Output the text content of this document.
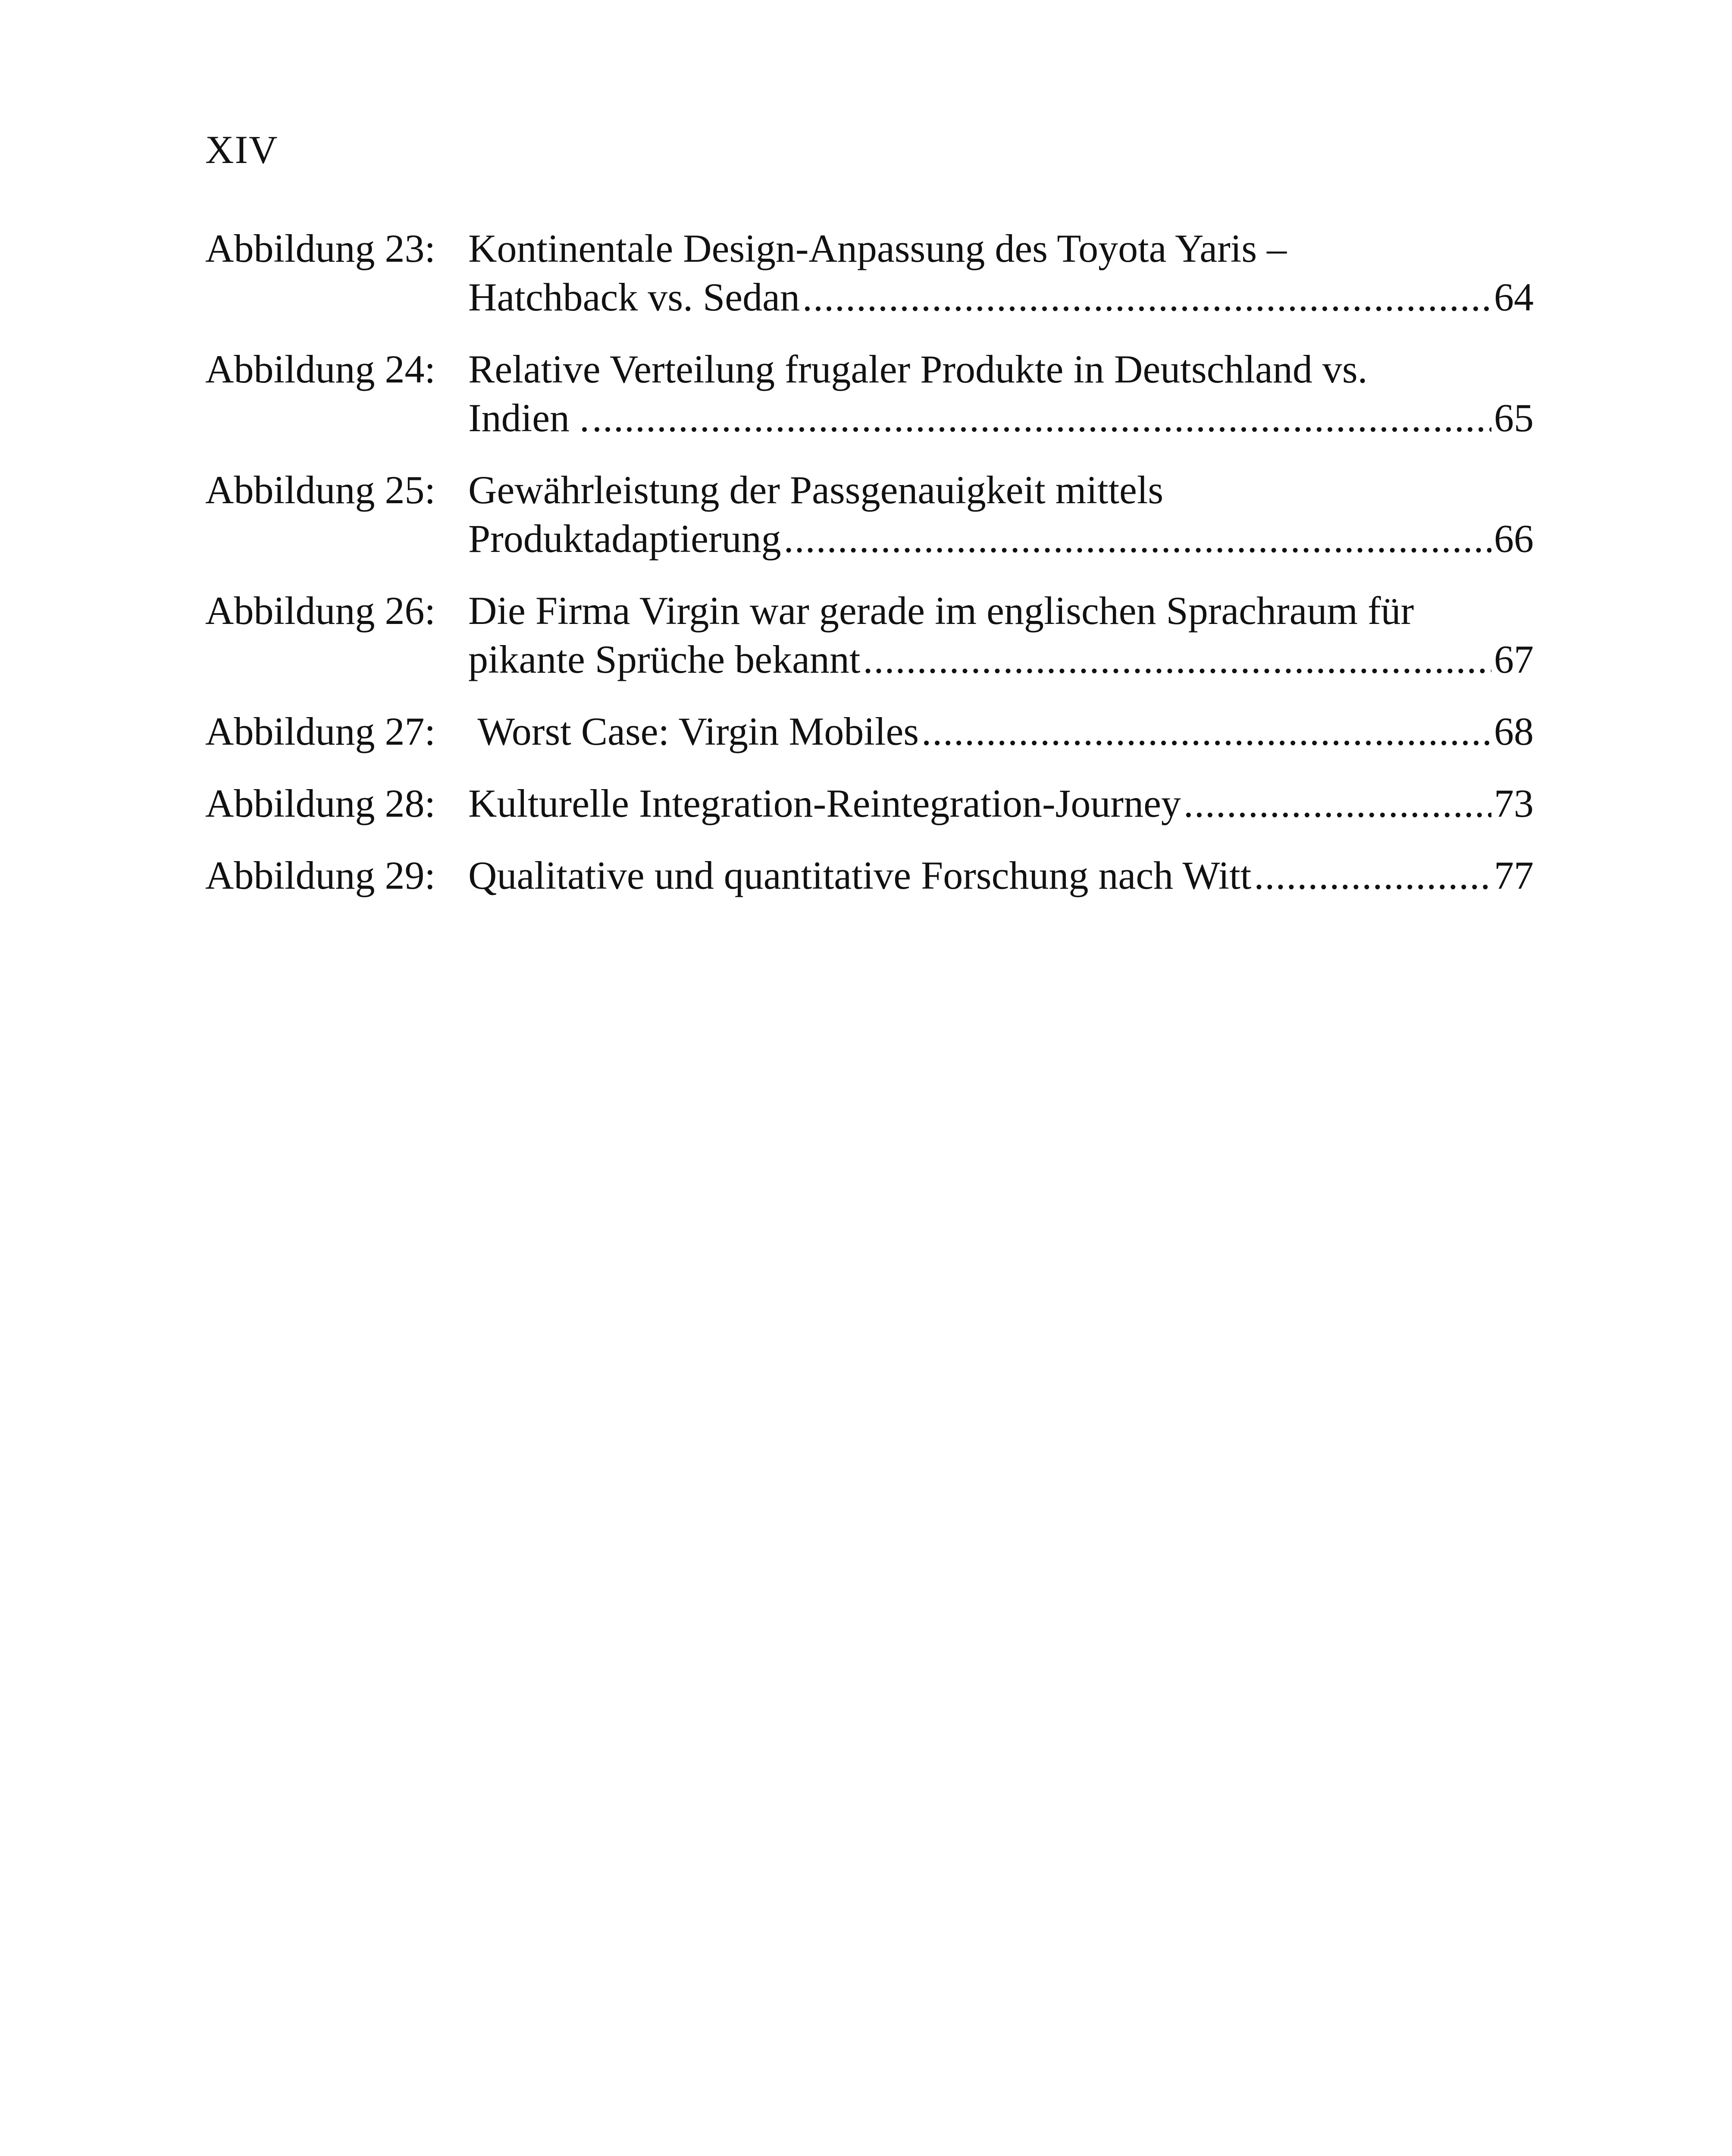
XIV
Abbildung 23: Kontinentale Design-Anpassung des Toyota Yaris –
Hatchback vs. Sedan .....	64
Abbildung 24: Relative Verteilung frugaler Produkte in Deutschland vs.
Indien . .....	65
Abbildung 25: Gewährleistung der Passgenauigkeit mittels
Produktadaptierung .....	66
Abbildung 26: Die Firma Virgin war gerade im englischen Sprachraum für
pikante Sprüche bekannt .....	67
Abbildung 27: Worst Case: Virgin Mobiles .....	68
Abbildung 28: Kulturelle Integration-Reintegration-Journey .....	73
Abbildung 29: Qualitative und quantitative Forschung nach Witt .....	77
